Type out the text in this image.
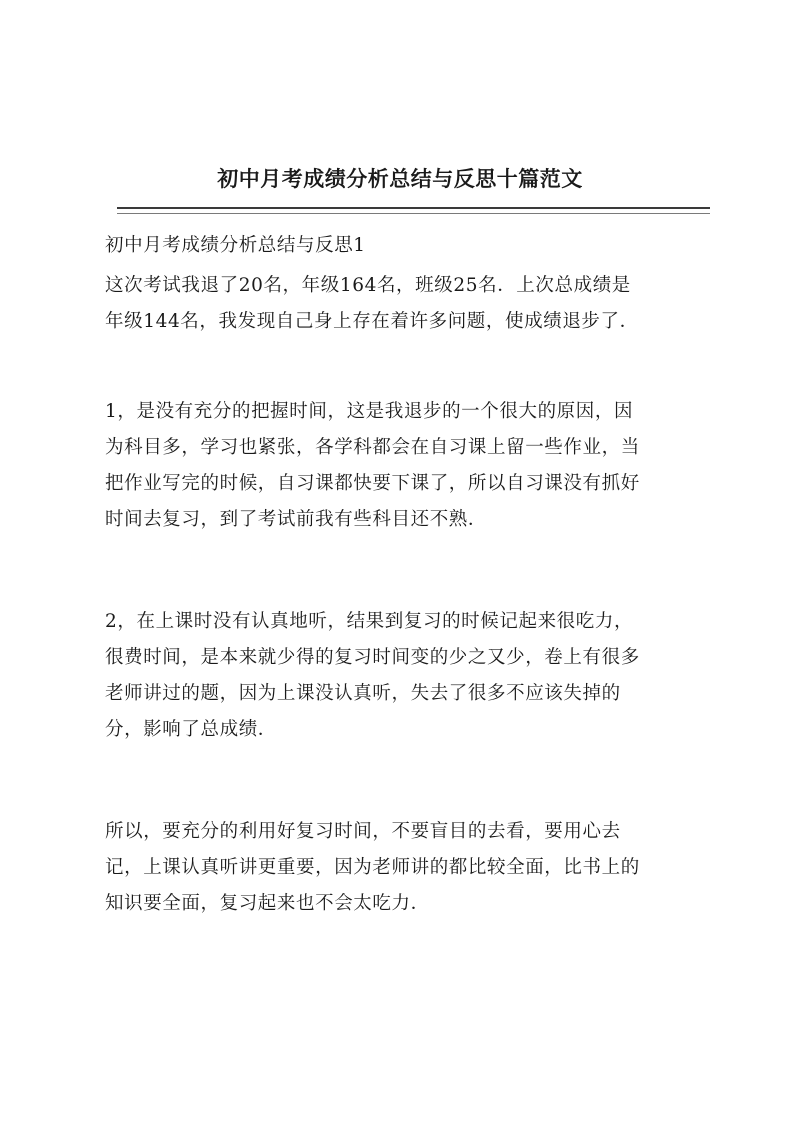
初中月考成绩分析总结与反思十篇范文
初中月考成绩分析总结与反思1
这次考试我退了20名，年级164名，班级25名．上次总成绩是
年级144名，我发现自己身上存在着许多问题，使成绩退步了．
1，是没有充分的把握时间，这是我退步的一个很大的原因，因
为科目多，学习也紧张，各学科都会在自习课上留一些作业，当
把作业写完的时候，自习课都快要下课了，所以自习课没有抓好
时间去复习，到了考试前我有些科目还不熟．
2，在上课时没有认真地听，结果到复习的时候记起来很吃力，
很费时间，是本来就少得的复习时间变的少之又少，卷上有很多
老师讲过的题，因为上课没认真听，失去了很多不应该失掉的
分，影响了总成绩．
所以，要充分的利用好复习时间，不要盲目的去看，要用心去
记，上课认真听讲更重要，因为老师讲的都比较全面，比书上的
知识要全面，复习起来也不会太吃力．
